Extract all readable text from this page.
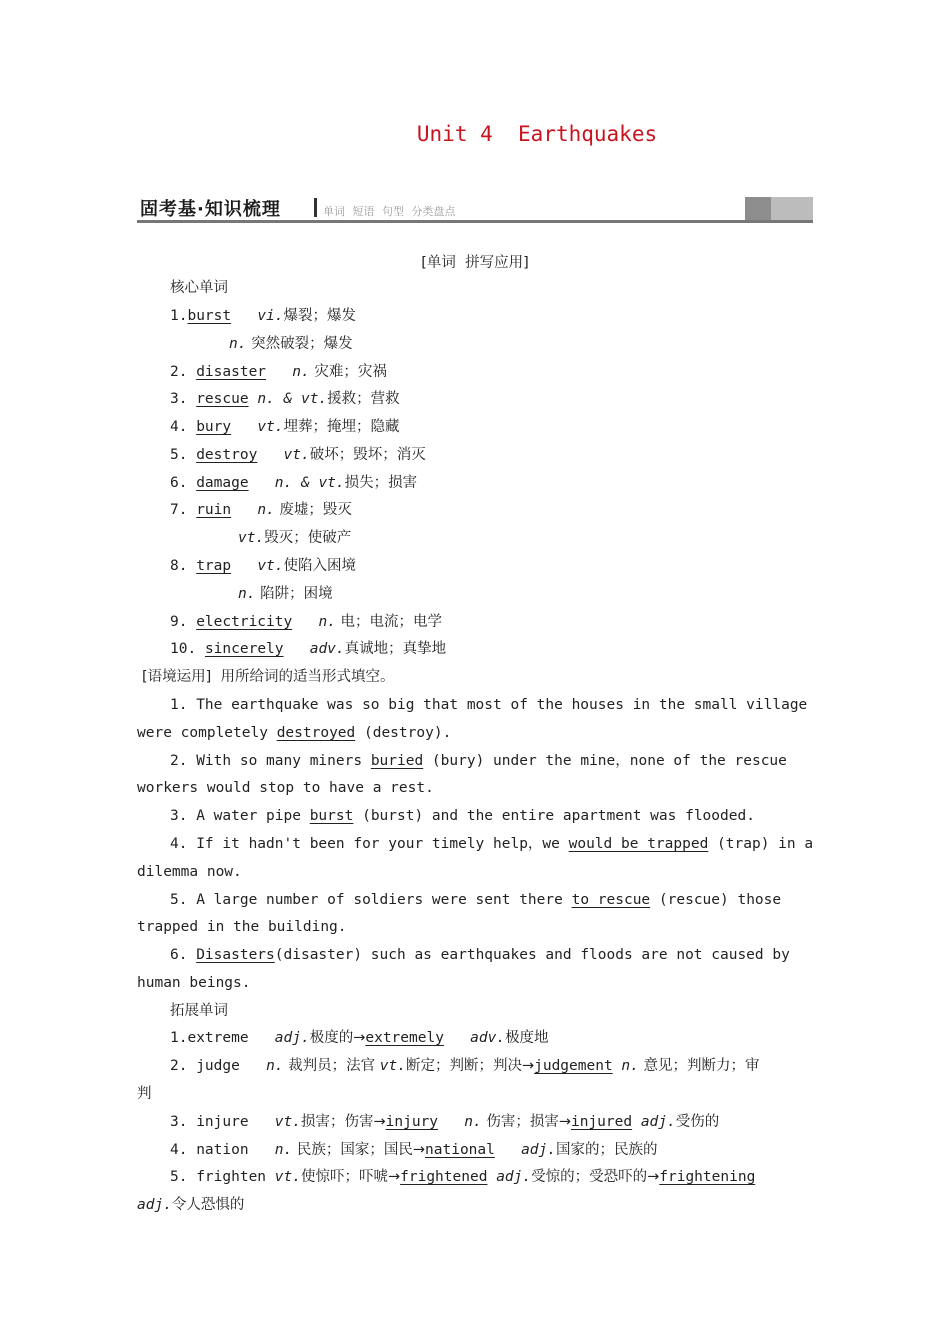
Unit 4  Earthquakes
固考基·知识梳理	单词 短语 句型 分类盘点
[单词  拼写应用]
核心单词
1.burst vi.爆裂；爆发
n. 突然破裂；爆发
2. disaster n. 灾难；灾祸
3. rescue n. & vt.援救；营救
4. bury vt.埋葬；掩埋；隐藏
5. destroy vt.破坏；毁坏；消灭
6. damage n. & vt.损失；损害
7. ruin n. 废墟；毁灭
vt.毁灭；使破产
8. trap vt.使陷入困境
n. 陷阱；困境
9. electricity n. 电；电流；电学
10. sincerely adv.真诚地；真挚地
[语境运用]  用所给词的适当形式填空。
1. The earthquake was so big that most of the houses in the small village
were completely destroyed (destroy).
2. With so many miners buried (bury) under the mine，none of the rescue
workers would stop to have a rest.
3. A water pipe burst (burst) and the entire apartment was flooded.
4. If it hadn't been for your timely help，we would be trapped (trap) in a
dilemma now.
5. A large number of soldiers were sent there to rescue (rescue) those
trapped in the building.
6. Disasters(disaster) such as earthquakes and floods are not caused by
human beings.
拓展单词
1.extreme adj.极度的→extremely adv.极度地
2. judge n. 裁判员；法官 vt.断定；判断；判决→judgement n. 意见；判断力；审
判
3. injure vt.损害；伤害→injury n. 伤害；损害→injured adj.受伤的
4. nation n. 民族；国家；国民→national adj.国家的；民族的
5. frighten vt.使惊吓；吓唬→frightened adj.受惊的；受恐吓的→frightening
adj.令人恐惧的
